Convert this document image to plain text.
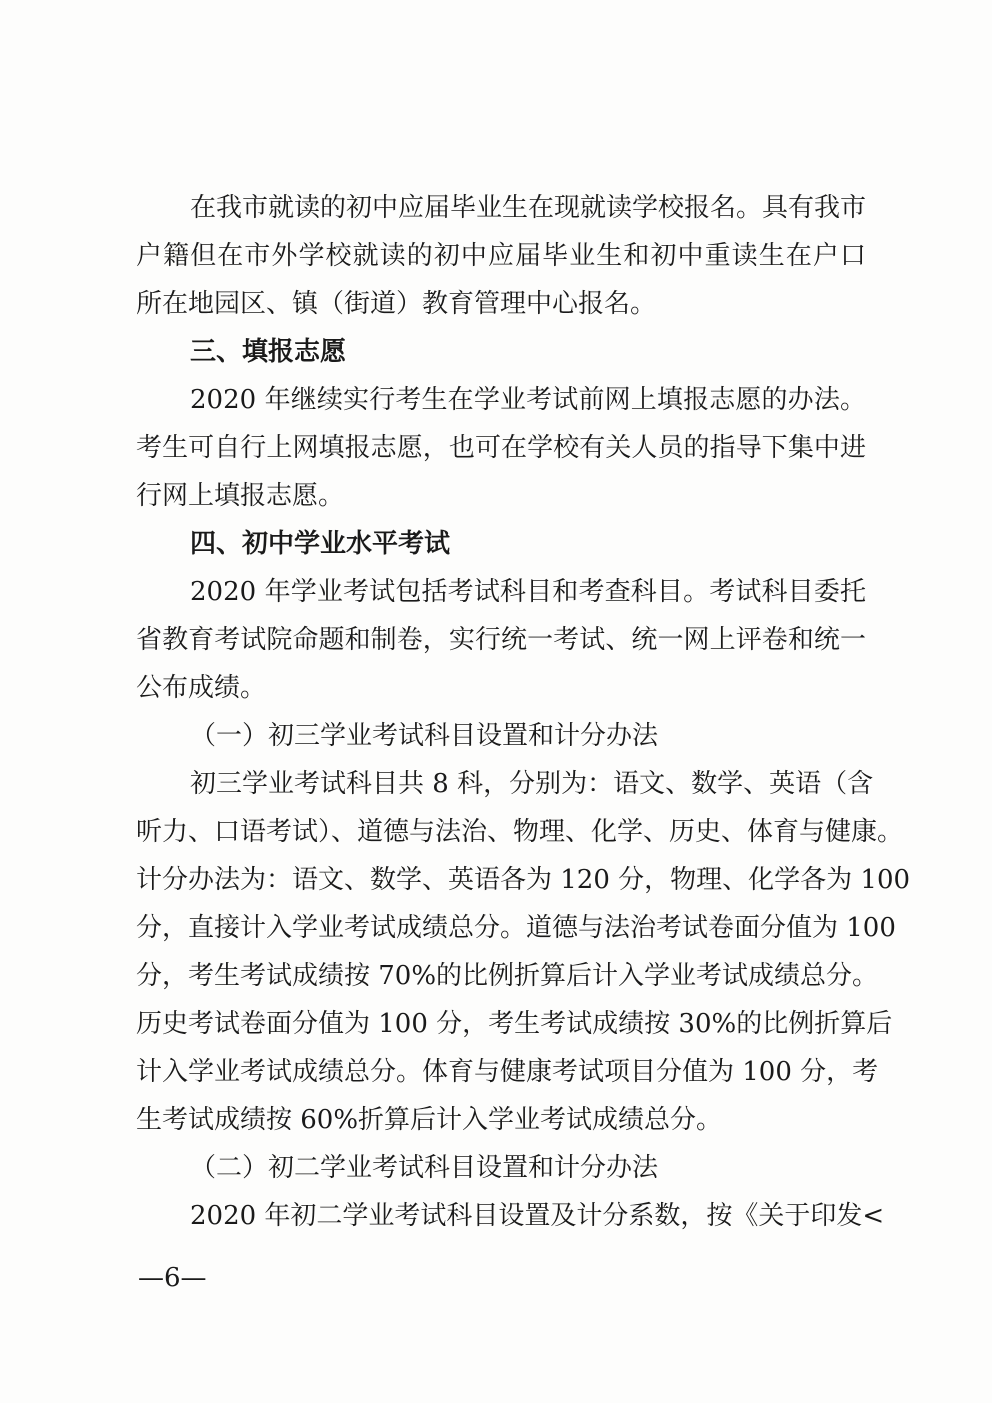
在我市就读的初中应届毕业生在现就读学校报名。具有我市
户籍但在市外学校就读的初中应届毕业生和初中重读生在户口
所在地园区、镇（街道）教育管理中心报名。
三、填报志愿
2020 年继续实行考生在学业考试前网上填报志愿的办法。
考生可自行上网填报志愿，也可在学校有关人员的指导下集中进
行网上填报志愿。
四、初中学业水平考试
2020 年学业考试包括考试科目和考查科目。考试科目委托
省教育考试院命题和制卷，实行统一考试、统一网上评卷和统一
公布成绩。
（一）初三学业考试科目设置和计分办法
初三学业考试科目共 8 科，分别为：语文、数学、英语（含
听力、口语考试）、道德与法治、物理、化学、历史、体育与健康。
计分办法为：语文、数学、英语各为 120 分，物理、化学各为 100
分，直接计入学业考试成绩总分。道德与法治考试卷面分值为 100
分，考生考试成绩按 70%的比例折算后计入学业考试成绩总分。
历史考试卷面分值为 100 分，考生考试成绩按 30%的比例折算后
计入学业考试成绩总分。体育与健康考试项目分值为 100 分，考
生考试成绩按 60%折算后计入学业考试成绩总分。
（二）初二学业考试科目设置和计分办法
2020 年初二学业考试科目设置及计分系数，按《关于印发<
—6—
